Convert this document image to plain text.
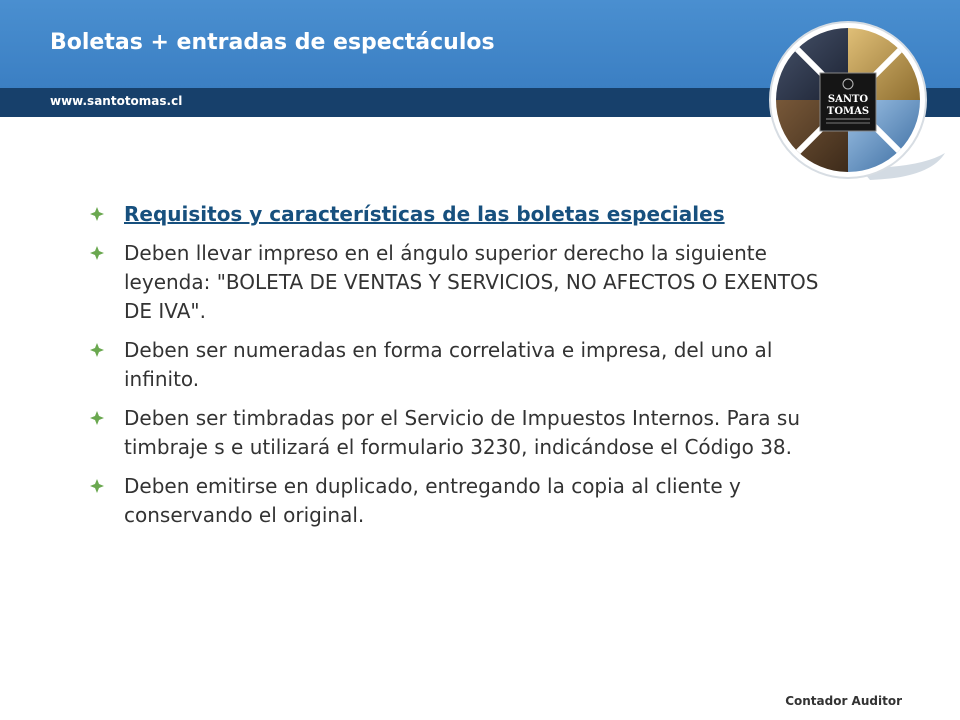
Boletas + entradas de espectáculos
www.santotomas.cl	SANTO
TOMAS
Requisitos y características de las boletas especiales
Deben llevar impreso en el ángulo superior derecho la siguiente leyenda: "BOLETA DE VENTAS Y SERVICIOS, NO AFECTOS O EXENTOS DE IVA".
Deben ser numeradas en forma correlativa e impresa, del uno al infinito.
Deben ser timbradas por el Servicio de Impuestos Internos. Para su timbraje s e utilizará el formulario 3230, indicándose el Código 38.
Deben emitirse en duplicado, entregando la copia al cliente y conservando el original.
Contador Auditor
